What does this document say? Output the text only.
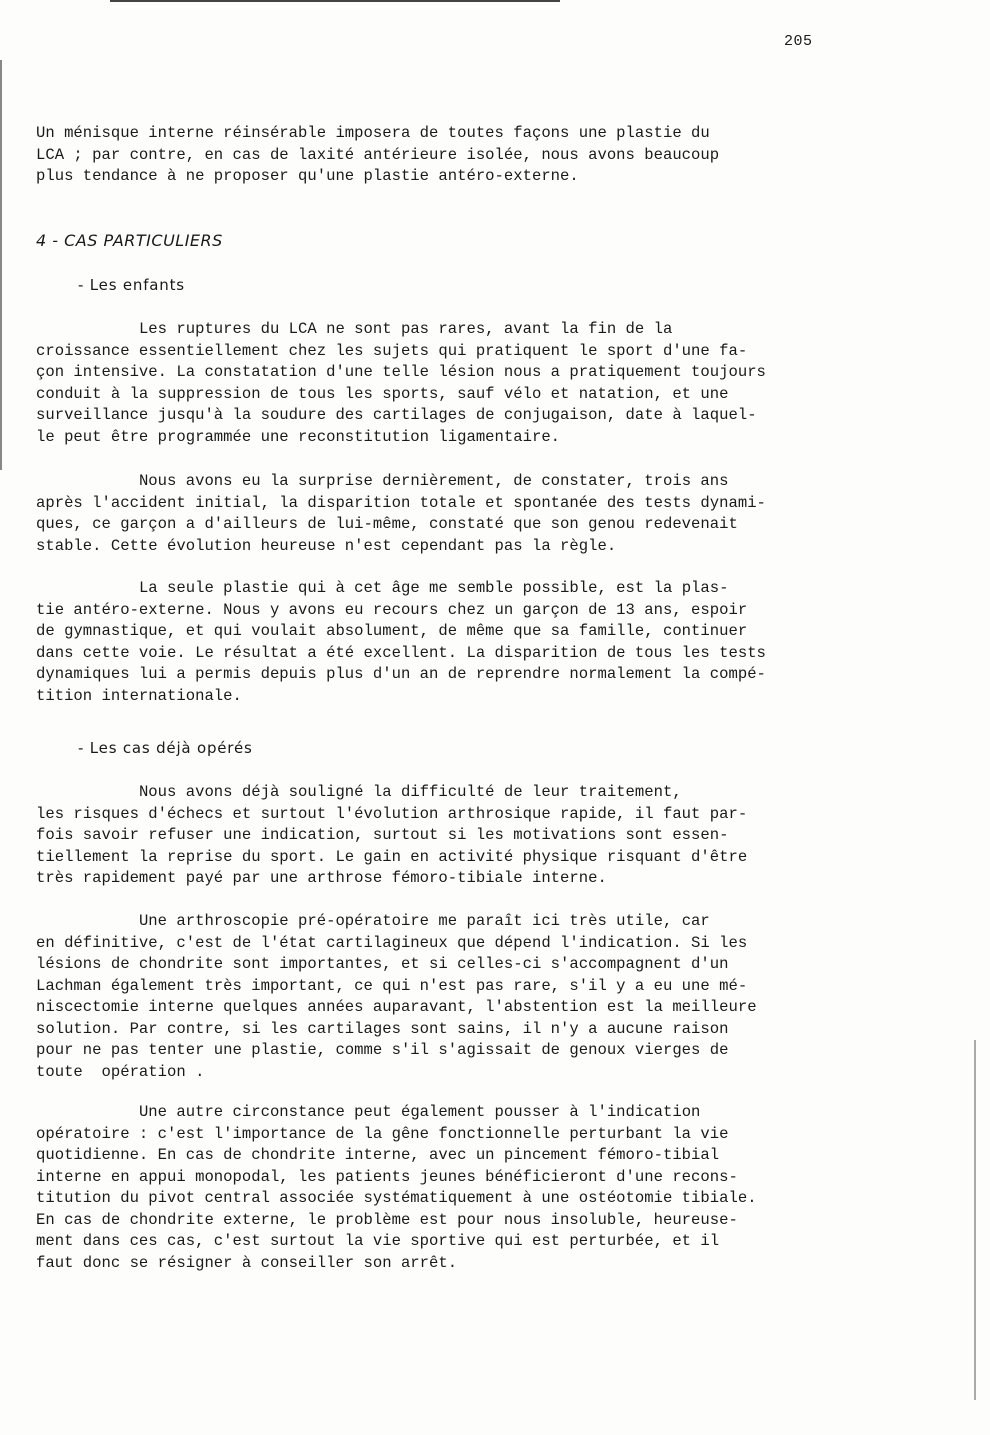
205

Un ménisque interne réinsérable imposera de toutes façons une plastie du
LCA ; par contre, en cas de laxité antérieure isolée, nous avons beaucoup
plus tendance à ne proposer qu'une plastie antéro-externe.

4 - CAS PARTICULIERS
- Les enfants

Les ruptures du LCA ne sont pas rares, avant la fin de la
croissance essentiellement chez les sujets qui pratiquent le sport d'une fa-
çon intensive. La constatation d'une telle lésion nous a pratiquement toujours
conduit à la suppression de tous les sports, sauf vélo et natation, et une
surveillance jusqu'à la soudure des cartilages de conjugaison, date à laquel-
le peut être programmée une reconstitution ligamentaire.

Nous avons eu la surprise dernièrement, de constater, trois ans
après l'accident initial, la disparition totale et spontanée des tests dynami-
ques, ce garçon a d'ailleurs de lui-même, constaté que son genou redevenait
stable. Cette évolution heureuse n'est cependant pas la règle.

La seule plastie qui à cet âge me semble possible, est la plas-
tie antéro-externe. Nous y avons eu recours chez un garçon de 13 ans, espoir
de gymnastique, et qui voulait absolument, de même que sa famille, continuer
dans cette voie. Le résultat a été excellent. La disparition de tous les tests
dynamiques lui a permis depuis plus d'un an de reprendre normalement la compé-
tition internationale.

- Les cas déjà opérés

Nous avons déjà souligné la difficulté de leur traitement,
les risques d'échecs et surtout l'évolution arthrosique rapide, il faut par-
fois savoir refuser une indication, surtout si les motivations sont essen-
tiellement la reprise du sport. Le gain en activité physique risquant d'être
très rapidement payé par une arthrose fémoro-tibiale interne.

Une arthroscopie pré-opératoire me paraît ici très utile, car
en définitive, c'est de l'état cartilagineux que dépend l'indication. Si les
lésions de chondrite sont importantes, et si celles-ci s'accompagnent d'un
Lachman également très important, ce qui n'est pas rare, s'il y a eu une mé-
niscectomie interne quelques années auparavant, l'abstention est la meilleure
solution. Par contre, si les cartilages sont sains, il n'y a aucune raison
pour ne pas tenter une plastie, comme s'il s'agissait de genoux vierges de
toute  opération .

Une autre circonstance peut également pousser à l'indication
opératoire : c'est l'importance de la gêne fonctionnelle perturbant la vie
quotidienne. En cas de chondrite interne, avec un pincement fémoro-tibial
interne en appui monopodal, les patients jeunes bénéficieront d'une recons-
titution du pivot central associée systématiquement à une ostéotomie tibiale.
En cas de chondrite externe, le problème est pour nous insoluble, heureuse-
ment dans ces cas, c'est surtout la vie sportive qui est perturbée, et il
faut donc se résigner à conseiller son arrêt.
